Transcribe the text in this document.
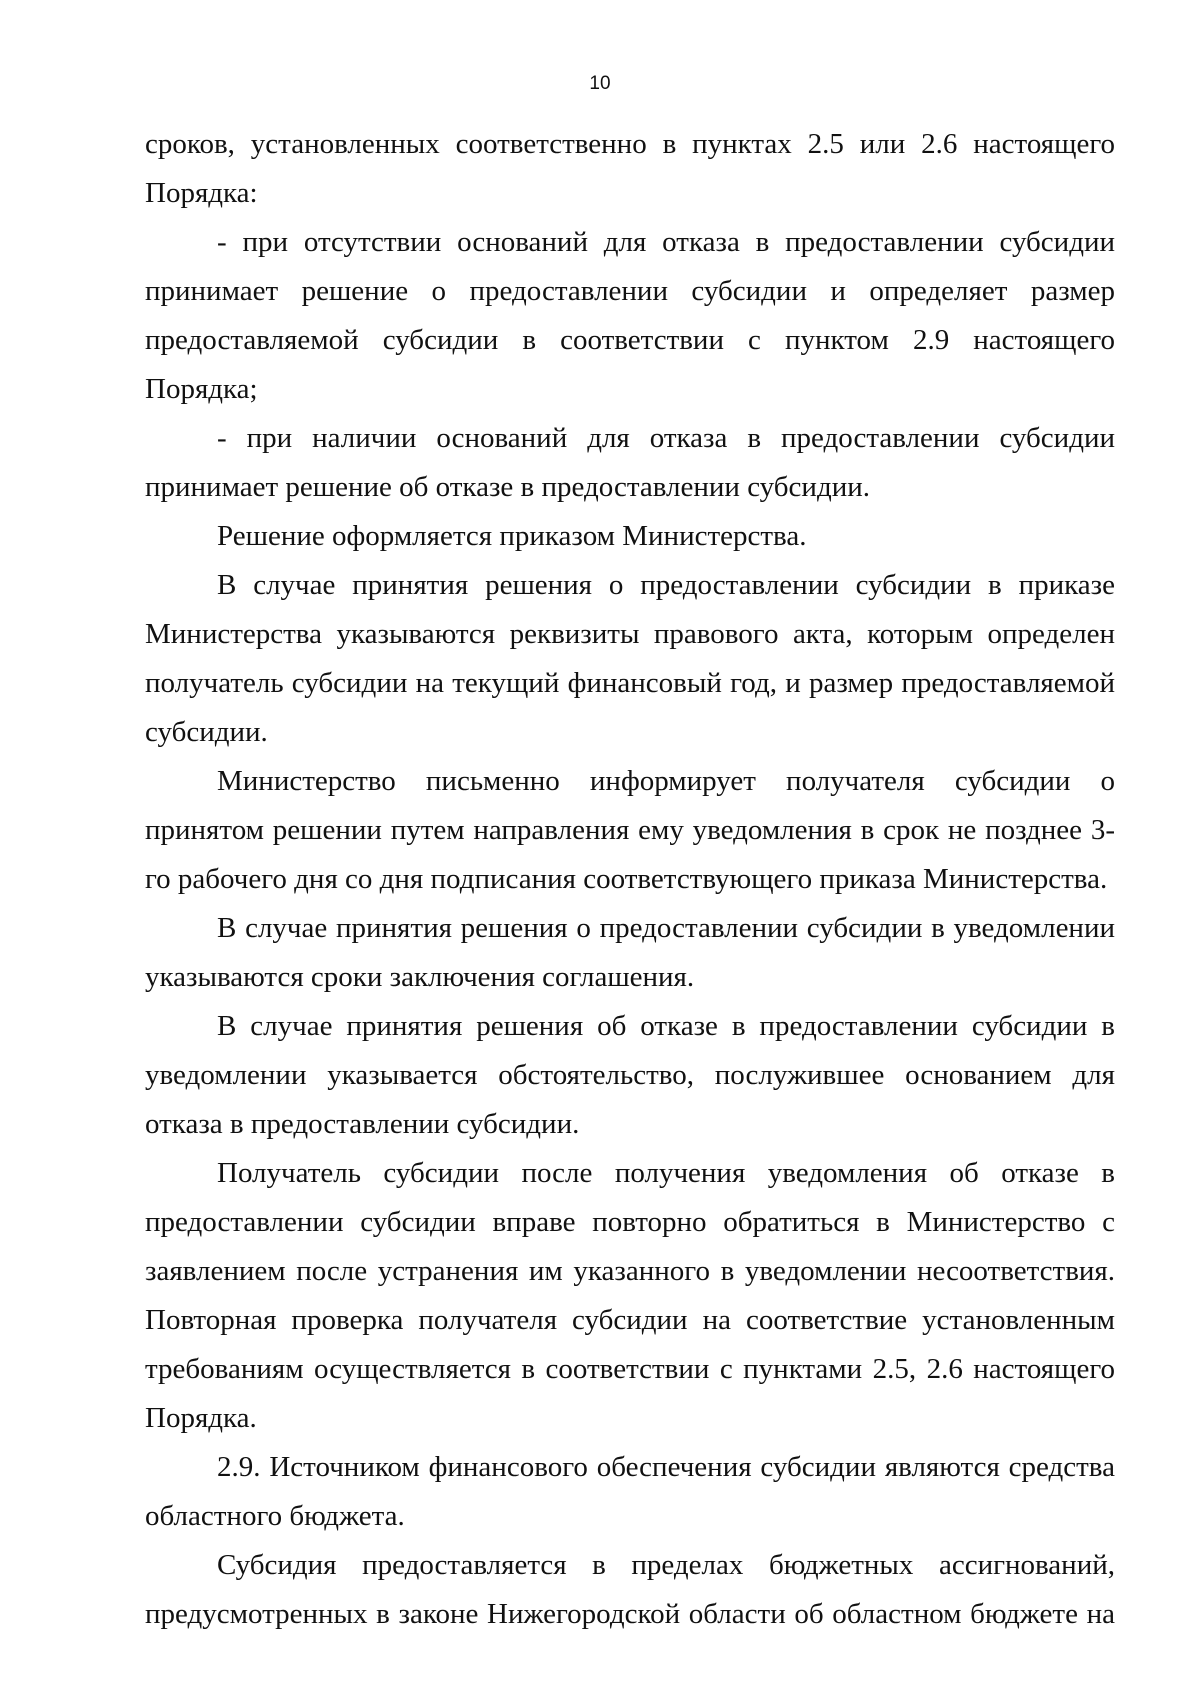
10

сроков, установленных соответственно в пунктах 2.5 или 2.6 настоящего Порядка:

- при отсутствии оснований для отказа в предоставлении субсидии принимает решение о предоставлении субсидии и определяет размер предоставляемой субсидии в соответствии с пунктом 2.9 настоящего Порядка;

- при наличии оснований для отказа в предоставлении субсидии принимает решение об отказе в предоставлении субсидии.

Решение оформляется приказом Министерства.

В случае принятия решения о предоставлении субсидии в приказе Министерства указываются реквизиты правового акта, которым определен получатель субсидии на текущий финансовый год, и размер предоставляемой субсидии.

Министерство письменно информирует получателя субсидии о принятом решении путем направления ему уведомления в срок не позднее 3-го рабочего дня со дня подписания соответствующего приказа Министерства.

В случае принятия решения о предоставлении субсидии в уведомлении указываются сроки заключения соглашения.

В случае принятия решения об отказе в предоставлении субсидии в уведомлении указывается обстоятельство, послужившее основанием для отказа в предоставлении субсидии.

Получатель субсидии после получения уведомления об отказе в предоставлении субсидии вправе повторно обратиться в Министерство с заявлением после устранения им указанного в уведомлении несоответствия. Повторная проверка получателя субсидии на соответствие установленным требованиям осуществляется в соответствии с пунктами 2.5, 2.6 настоящего Порядка.

2.9. Источником финансового обеспечения субсидии являются средства областного бюджета.

Субсидия предоставляется в пределах бюджетных ассигнований, предусмотренных в законе Нижегородской области об областном бюджете на
